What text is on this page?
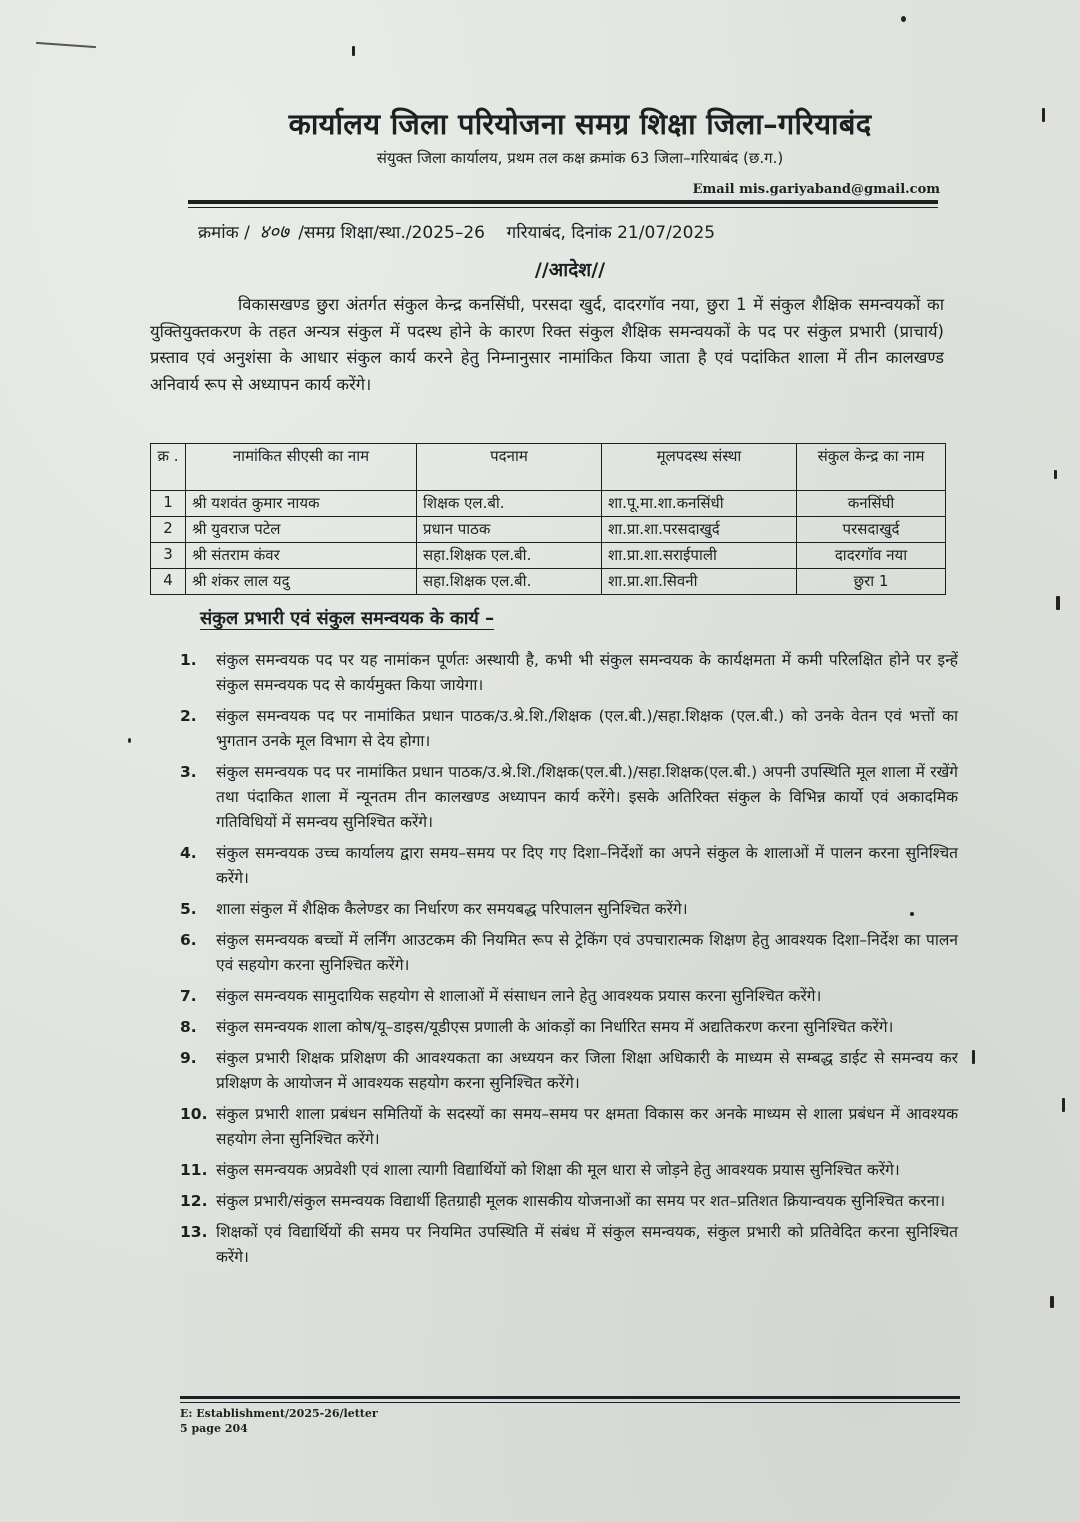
कार्यालय जिला परियोजना समग्र शिक्षा जिला–गरियाबंद
संयुक्त जिला कार्यालय, प्रथम तल कक्ष क्रमांक 63 जिला–गरियाबंद (छ.ग.)
Email mis.gariyaband@gmail.com
क्रमांक / ४०७ /समग्र शिक्षा/स्था./2025–26 गरियाबंद, दिनांक 21/07/2025
//आदेश//
विकासखण्ड छुरा अंतर्गत संकुल केन्द्र कनसिंघी, परसदा खुर्द, दादरगॉव नया, छुरा 1 में संकुल शैक्षिक समन्वयकों का युक्तियुक्तकरण के तहत अन्यत्र संकुल में पदस्थ होने के कारण रिक्त संकुल शैक्षिक समन्वयकों के पद पर संकुल प्रभारी (प्राचार्य) प्रस्ताव एवं अनुशंसा के आधार संकुल कार्य करने हेतु निम्नानुसार नामांकित किया जाता है एवं पदांकित शाला में तीन कालखण्ड अनिवार्य रूप से अध्यापन कार्य करेंगे।
क्र .	नामांकित सीएसी का नाम	पदनाम	मूलपदस्थ संस्था	संकुल केन्द्र का नाम
1	श्री यशवंत कुमार नायक	शिक्षक एल.बी.	शा.पू.मा.शा.कनसिंधी	कनसिंघी
2	श्री युवराज पटेल	प्रधान पाठक	शा.प्रा.शा.परसदाखुर्द	परसदाखुर्द
3	श्री संतराम कंवर	सहा.शिक्षक एल.बी.	शा.प्रा.शा.सराईपाली	दादरगॉव नया
4	श्री शंकर लाल यदु	सहा.शिक्षक एल.बी.	शा.प्रा.शा.सिवनी	छुरा 1
संकुल प्रभारी एवं संकुल समन्वयक के कार्य –
1.	संकुल समन्वयक पद पर यह नामांकन पूर्णतः अस्थायी है, कभी भी संकुल समन्वयक के कार्यक्षमता में कमी परिलक्षित होने पर इन्हें संकुल समन्वयक पद से कार्यमुक्त किया जायेगा।
2.	संकुल समन्वयक पद पर नामांकित प्रधान पाठक/उ.श्रे.शि./शिक्षक (एल.बी.)/सहा.शिक्षक (एल.बी.) को उनके वेतन एवं भत्तों का भुगतान उनके मूल विभाग से देय होगा।
3.	संकुल समन्वयक पद पर नामांकित प्रधान पाठक/उ.श्रे.शि./शिक्षक(एल.बी.)/सहा.शिक्षक(एल.बी.) अपनी उपस्थिति मूल शाला में रखेंगे तथा पंदाकित शाला में न्यूनतम तीन कालखण्ड अध्यापन कार्य करेंगे। इसके अतिरिक्त संकुल के विभिन्न कार्यो एवं अकादमिक गतिविधियों में समन्वय सुनिश्चित करेंगे।
4.	संकुल समन्वयक उच्च कार्यालय द्वारा समय–समय पर दिए गए दिशा–निर्देशों का अपने संकुल के शालाओं में पालन करना सुनिश्चित करेंगे।
5.	शाला संकुल में शैक्षिक कैलेण्डर का निर्धारण कर समयबद्ध परिपालन सुनिश्चित करेंगे।
6.	संकुल समन्वयक बच्चों में लर्निंग आउटकम की नियमित रूप से ट्रेकिंग एवं उपचारात्मक शिक्षण हेतु आवश्यक दिशा–निर्देश का पालन एवं सहयोग करना सुनिश्चित करेंगे।
7.	संकुल समन्वयक सामुदायिक सहयोग से शालाओं में संसाधन लाने हेतु आवश्यक प्रयास करना सुनिश्चित करेंगे।
8.	संकुल समन्वयक शाला कोष/यू–डाइस/यूडीएस प्रणाली के आंकड़ों का निर्धारित समय में अद्यतिकरण करना सुनिश्चित करेंगे।
9.	संकुल प्रभारी शिक्षक प्रशिक्षण की आवश्यकता का अध्ययन कर जिला शिक्षा अधिकारी के माध्यम से सम्बद्ध डाईट से समन्वय कर प्रशिक्षण के आयोजन में आवश्यक सहयोग करना सुनिश्चित करेंगे।
10. संकुल प्रभारी शाला प्रबंधन समितियों के सदस्यों का समय–समय पर क्षमता विकास कर अनके माध्यम से शाला प्रबंधन में आवश्यक सहयोग लेना सुनिश्चित करेंगे।
11. संकुल समन्वयक अप्रवेशी एवं शाला त्यागी विद्यार्थियों को शिक्षा की मूल धारा से जोड़ने हेतु आवश्यक प्रयास सुनिश्चित करेंगे।
12. संकुल प्रभारी/संकुल समन्वयक विद्यार्थी हितग्राही मूलक शासकीय योजनाओं का समय पर शत–प्रतिशत क्रियान्वयक सुनिश्चित करना।
13. शिक्षकों एवं विद्यार्थियों की समय पर नियमित उपस्थिति में संबंध में संकुल समन्वयक, संकुल प्रभारी को प्रतिवेदित करना सुनिश्चित करेंगे।
E: Establishment/2025-26/letter
5 page 204
